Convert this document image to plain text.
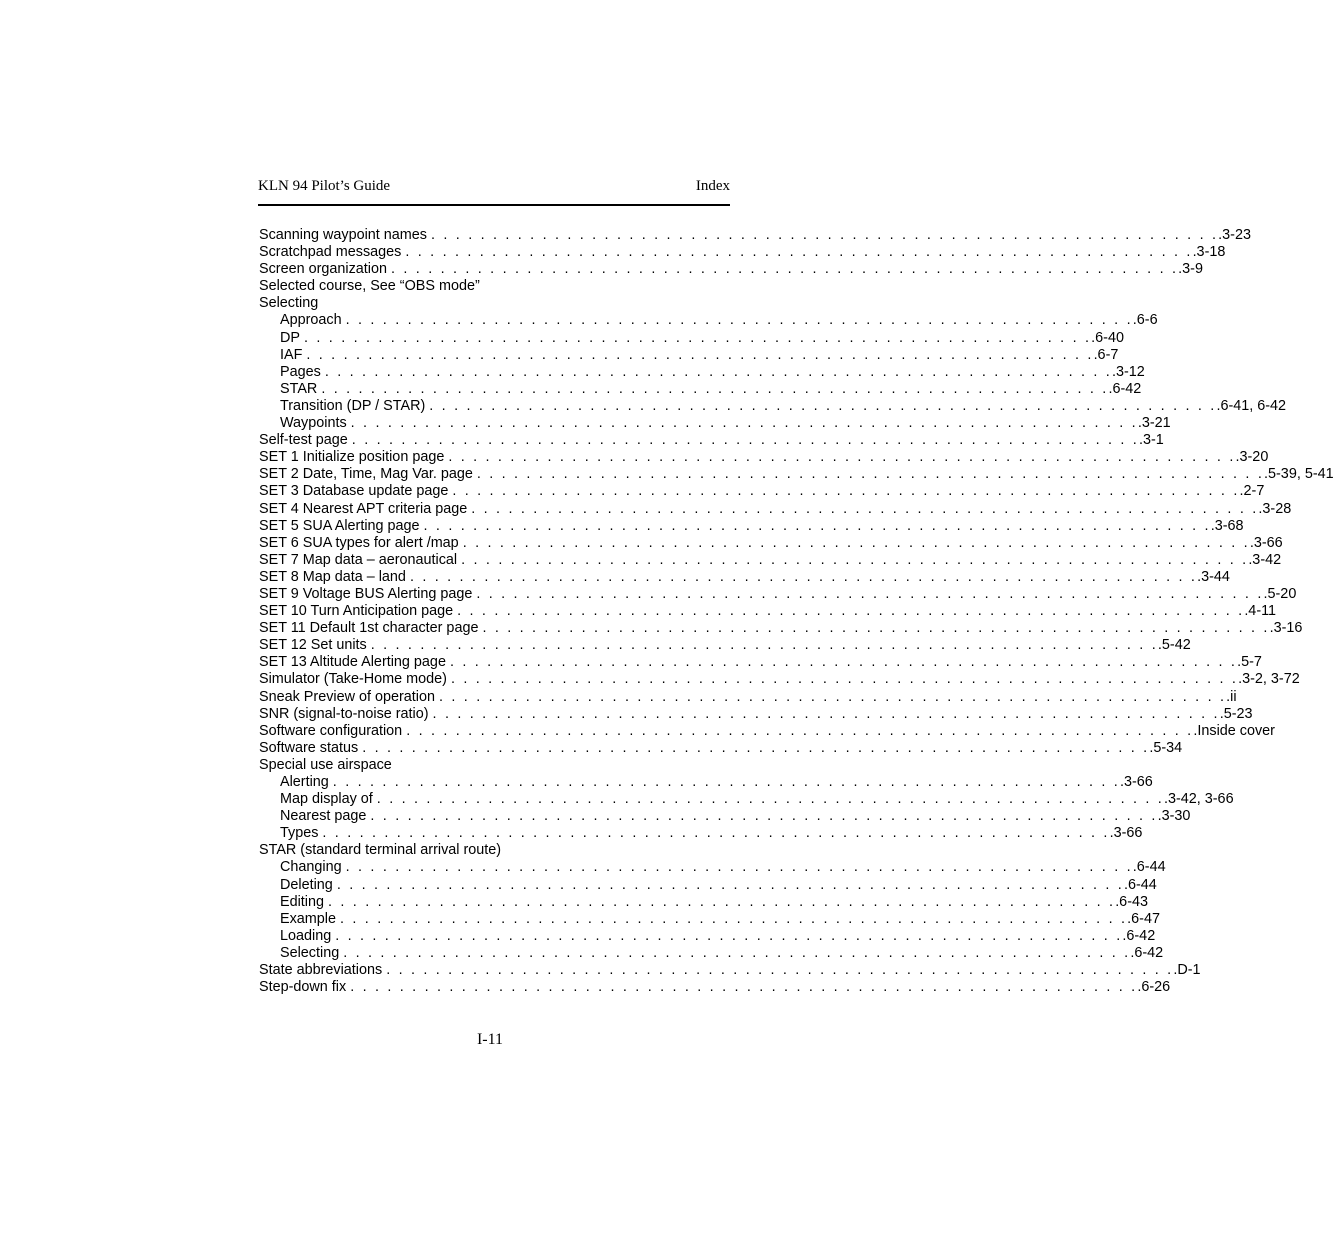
KLN 94 Pilot’s Guide	Index
Scanning waypoint names . . . . . . . . . . . . . . . . . . . . . . . . . . . . . . . . . . . . . . . . . . . . . . . . . . . . . . . . . . . . . . . . .3-23
Scratchpad messages . . . . . . . . . . . . . . . . . . . . . . . . . . . . . . . . . . . . . . . . . . . . . . . . . . . . . . . . . . . . . . . . .3-18
Screen organization . . . . . . . . . . . . . . . . . . . . . . . . . . . . . . . . . . . . . . . . . . . . . . . . . . . . . . . . . . . . . . . . .3-9
Selected course, See “OBS mode”
Selecting
Approach . . . . . . . . . . . . . . . . . . . . . . . . . . . . . . . . . . . . . . . . . . . . . . . . . . . . . . . . . . . . . . . . .6-6
DP . . . . . . . . . . . . . . . . . . . . . . . . . . . . . . . . . . . . . . . . . . . . . . . . . . . . . . . . . . . . . . . . .6-40
IAF . . . . . . . . . . . . . . . . . . . . . . . . . . . . . . . . . . . . . . . . . . . . . . . . . . . . . . . . . . . . . . . . .6-7
Pages . . . . . . . . . . . . . . . . . . . . . . . . . . . . . . . . . . . . . . . . . . . . . . . . . . . . . . . . . . . . . . . . .3-12
STAR . . . . . . . . . . . . . . . . . . . . . . . . . . . . . . . . . . . . . . . . . . . . . . . . . . . . . . . . . . . . . . . . .6-42
Transition (DP / STAR) . . . . . . . . . . . . . . . . . . . . . . . . . . . . . . . . . . . . . . . . . . . . . . . . . . . . . . . . . . . . . . . . .6-41, 6-42
Waypoints . . . . . . . . . . . . . . . . . . . . . . . . . . . . . . . . . . . . . . . . . . . . . . . . . . . . . . . . . . . . . . . . .3-21
Self-test page . . . . . . . . . . . . . . . . . . . . . . . . . . . . . . . . . . . . . . . . . . . . . . . . . . . . . . . . . . . . . . . . .3-1
SET 1 Initialize position page . . . . . . . . . . . . . . . . . . . . . . . . . . . . . . . . . . . . . . . . . . . . . . . . . . . . . . . . . . . . . . . . .3-20
SET 2 Date, Time, Mag Var. page . . . . . . . . . . . . . . . . . . . . . . . . . . . . . . . . . . . . . . . . . . . . . . . . . . . . . . . . . . . . . . . . .5-39, 5-41
SET 3 Database update page . . . . . . . . . . . . . . . . . . . . . . . . . . . . . . . . . . . . . . . . . . . . . . . . . . . . . . . . . . . . . . . . .2-7
SET 4 Nearest APT criteria page . . . . . . . . . . . . . . . . . . . . . . . . . . . . . . . . . . . . . . . . . . . . . . . . . . . . . . . . . . . . . . . . .3-28
SET 5 SUA Alerting page . . . . . . . . . . . . . . . . . . . . . . . . . . . . . . . . . . . . . . . . . . . . . . . . . . . . . . . . . . . . . . . . .3-68
SET 6 SUA types for alert /map . . . . . . . . . . . . . . . . . . . . . . . . . . . . . . . . . . . . . . . . . . . . . . . . . . . . . . . . . . . . . . . . .3-66
SET 7 Map data – aeronautical . . . . . . . . . . . . . . . . . . . . . . . . . . . . . . . . . . . . . . . . . . . . . . . . . . . . . . . . . . . . . . . . .3-42
SET 8 Map data – land . . . . . . . . . . . . . . . . . . . . . . . . . . . . . . . . . . . . . . . . . . . . . . . . . . . . . . . . . . . . . . . . .3-44
SET 9 Voltage BUS Alerting page . . . . . . . . . . . . . . . . . . . . . . . . . . . . . . . . . . . . . . . . . . . . . . . . . . . . . . . . . . . . . . . . .5-20
SET 10 Turn Anticipation page . . . . . . . . . . . . . . . . . . . . . . . . . . . . . . . . . . . . . . . . . . . . . . . . . . . . . . . . . . . . . . . . .4-11
SET 11 Default 1st character page . . . . . . . . . . . . . . . . . . . . . . . . . . . . . . . . . . . . . . . . . . . . . . . . . . . . . . . . . . . . . . . . .3-16
SET 12 Set units . . . . . . . . . . . . . . . . . . . . . . . . . . . . . . . . . . . . . . . . . . . . . . . . . . . . . . . . . . . . . . . . .5-42
SET 13 Altitude Alerting page . . . . . . . . . . . . . . . . . . . . . . . . . . . . . . . . . . . . . . . . . . . . . . . . . . . . . . . . . . . . . . . . .5-7
Simulator (Take-Home mode) . . . . . . . . . . . . . . . . . . . . . . . . . . . . . . . . . . . . . . . . . . . . . . . . . . . . . . . . . . . . . . . . .3-2, 3-72
Sneak Preview of operation . . . . . . . . . . . . . . . . . . . . . . . . . . . . . . . . . . . . . . . . . . . . . . . . . . . . . . . . . . . . . . . . .ii
SNR (signal-to-noise ratio) . . . . . . . . . . . . . . . . . . . . . . . . . . . . . . . . . . . . . . . . . . . . . . . . . . . . . . . . . . . . . . . . .5-23
Software configuration . . . . . . . . . . . . . . . . . . . . . . . . . . . . . . . . . . . . . . . . . . . . . . . . . . . . . . . . . . . . . . . . .Inside cover
Software status . . . . . . . . . . . . . . . . . . . . . . . . . . . . . . . . . . . . . . . . . . . . . . . . . . . . . . . . . . . . . . . . .5-34
Special use airspace
Alerting . . . . . . . . . . . . . . . . . . . . . . . . . . . . . . . . . . . . . . . . . . . . . . . . . . . . . . . . . . . . . . . . .3-66
Map display of . . . . . . . . . . . . . . . . . . . . . . . . . . . . . . . . . . . . . . . . . . . . . . . . . . . . . . . . . . . . . . . . .3-42, 3-66
Nearest page . . . . . . . . . . . . . . . . . . . . . . . . . . . . . . . . . . . . . . . . . . . . . . . . . . . . . . . . . . . . . . . . .3-30
Types . . . . . . . . . . . . . . . . . . . . . . . . . . . . . . . . . . . . . . . . . . . . . . . . . . . . . . . . . . . . . . . . .3-66
STAR (standard terminal arrival route)
Changing . . . . . . . . . . . . . . . . . . . . . . . . . . . . . . . . . . . . . . . . . . . . . . . . . . . . . . . . . . . . . . . . .6-44
Deleting . . . . . . . . . . . . . . . . . . . . . . . . . . . . . . . . . . . . . . . . . . . . . . . . . . . . . . . . . . . . . . . . .6-44
Editing . . . . . . . . . . . . . . . . . . . . . . . . . . . . . . . . . . . . . . . . . . . . . . . . . . . . . . . . . . . . . . . . .6-43
Example . . . . . . . . . . . . . . . . . . . . . . . . . . . . . . . . . . . . . . . . . . . . . . . . . . . . . . . . . . . . . . . . .6-47
Loading . . . . . . . . . . . . . . . . . . . . . . . . . . . . . . . . . . . . . . . . . . . . . . . . . . . . . . . . . . . . . . . . .6-42
Selecting . . . . . . . . . . . . . . . . . . . . . . . . . . . . . . . . . . . . . . . . . . . . . . . . . . . . . . . . . . . . . . . . .6-42
State abbreviations . . . . . . . . . . . . . . . . . . . . . . . . . . . . . . . . . . . . . . . . . . . . . . . . . . . . . . . . . . . . . . . . .D-1
Step-down fix . . . . . . . . . . . . . . . . . . . . . . . . . . . . . . . . . . . . . . . . . . . . . . . . . . . . . . . . . . . . . . . . .6-26
I-11
